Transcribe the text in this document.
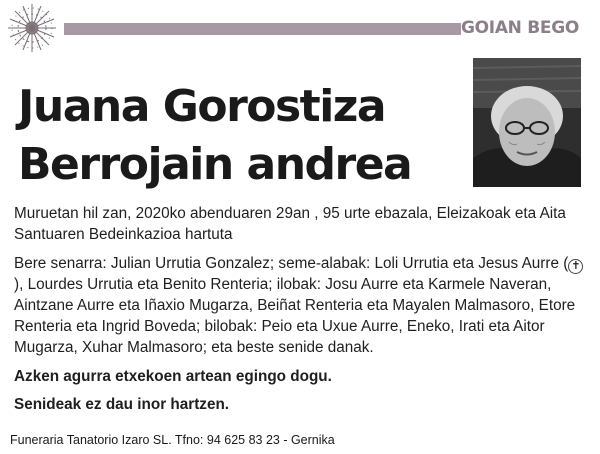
GOIAN BEGO
Juana Gorostiza
Berrojain andrea

Muruetan hil zan, 2020ko abenduaren 29an , 95 urte ebazala, Eleizakoak eta Aita Santuaren Bedeinkazioa hartuta

Bere senarra: Julian Urrutia Gonzalez; seme-alabak: Loli Urrutia eta Jesus Aurre ( ✝), Lourdes Urrutia eta Benito Renteria; ilobak: Josu Aurre eta Karmele Naveran, Aintzane Aurre eta Iñaxio Mugarza, Beiñat Renteria eta Mayalen Malmasoro, Etore Renteria eta Ingrid Boveda; bilobak: Peio eta Uxue Aurre, Eneko, Irati eta Aitor Mugarza, Xuhar Malmasoro; eta beste senide danak.

Azken agurra etxekoen artean egingo dogu.

Senideak ez dau inor hartzen.

Funeraria Tanatorio Izaro SL. Tfno: 94 625 83 23 - Gernika
